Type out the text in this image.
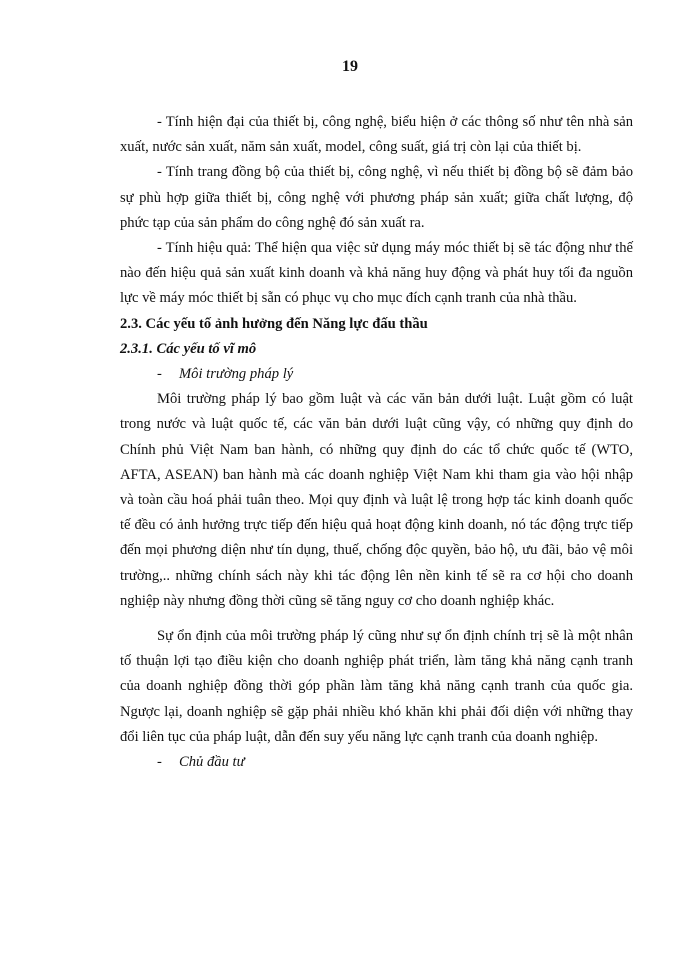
19

- Tính hiện đại của thiết bị, công nghệ, biểu hiện ở các thông số như tên nhà sản xuất, nước sản xuất, năm sản xuất, model, công suất, giá trị còn lại của thiết bị.

- Tính trang đồng bộ của thiết bị, công nghệ, vì nếu thiết bị đồng bộ sẽ đảm bảo sự phù hợp giữa thiết bị, công nghệ với phương pháp sản xuất; giữa chất lượng, độ phức tạp của sản phẩm do công nghệ đó sản xuất ra.

- Tính hiệu quả: Thể hiện qua việc sử dụng máy móc thiết bị sẽ tác động như thế nào đến hiệu quả sản xuất kinh doanh và khả năng huy động và phát huy tối đa nguồn lực về máy móc thiết bị sẵn có phục vụ cho mục đích cạnh tranh của nhà thầu.

2.3. Các yếu tố ảnh hưởng đến Năng lực đấu thầu
2.3.1. Các yếu tố vĩ mô
- Môi trường pháp lý

Môi trường pháp lý bao gồm luật và các văn bản dưới luật. Luật gồm có luật trong nước và luật quốc tế, các văn bản dưới luật cũng vậy, có những quy định do Chính phủ Việt Nam ban hành, có những quy định do các tổ chức quốc tế (WTO, AFTA, ASEAN) ban hành mà các doanh nghiệp Việt Nam khi tham gia vào hội nhập và toàn cầu hoá phải tuân theo. Mọi quy định và luật lệ trong hợp tác kinh doanh quốc tế đều có ảnh hưởng trực tiếp đến hiệu quả hoạt động kinh doanh, nó tác động trực tiếp đến mọi phương diện như tín dụng, thuế, chống độc quyền, bảo hộ, ưu đãi, bảo vệ môi trường,.. những chính sách này khi tác động lên nền kinh tế sẽ ra cơ hội cho doanh nghiệp này nhưng đồng thời cũng sẽ tăng nguy cơ cho doanh nghiệp khác.

Sự ổn định của môi trường pháp lý cũng như sự ổn định chính trị sẽ là một nhân tố thuận lợi tạo điều kiện cho doanh nghiệp phát triển, làm tăng khả năng cạnh tranh của doanh nghiệp đồng thời góp phần làm tăng khả năng cạnh tranh của quốc gia. Ngược lại, doanh nghiệp sẽ gặp phải nhiều khó khăn khi phải đối diện với những thay đổi liên tục của pháp luật, dẫn đến suy yếu năng lực cạnh tranh của doanh nghiệp.

- Chủ đầu tư
